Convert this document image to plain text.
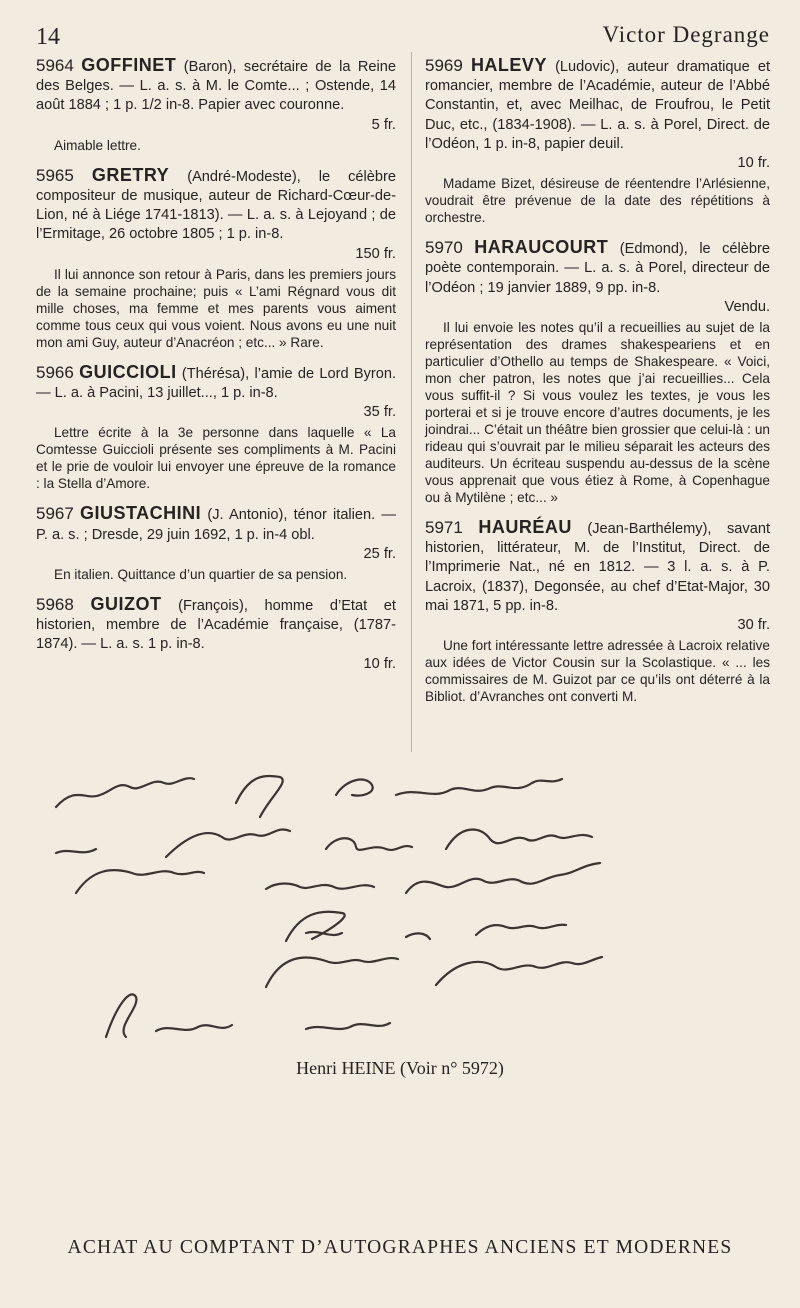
14	Victor Degrange
5964 GOFFINET (Baron), secrétaire de la Reine des Belges. — L. a. s. à M. le Comte... ; Ostende, 14 août 1884 ; 1 p. 1/2 in-8. Papier avec couronne.
5 fr.
Aimable lettre.
5965 GRETRY (André-Modeste), le célèbre compositeur de musique, auteur de Richard-Cœur-de-Lion, né à Liége 1741-1813). — L. a. s. à Lejoyand ; de l’Ermitage, 26 octobre 1805 ; 1 p. in-8.
150 fr.
Il lui annonce son retour à Paris, dans les premiers jours de la semaine prochaine; puis « L’ami Régnard vous dit mille choses, ma femme et mes parents vous aiment comme tous ceux qui vous voient. Nous avons eu une nuit mon ami Guy, auteur d’Anacréon ; etc... » Rare.
5966 GUICCIOLI (Thérésa), l’amie de Lord Byron. — L. a. à Pacini, 13 juillet..., 1 p. in-8.
35 fr.
Lettre écrite à la 3e personne dans laquelle « La Comtesse Guiccioli présente ses compliments à M. Pacini et le prie de vouloir lui envoyer une épreuve de la romance : la Stella d’Amore.
5967 GIUSTACHINI (J. Antonio), ténor italien. — P. a. s. ; Dresde, 29 juin 1692, 1 p. in-4 obl.
25 fr.
En italien. Quittance d’un quartier de sa pension.
5968 GUIZOT (François), homme d’Etat et historien, membre de l’Académie française, (1787-1874). — L. a. s. 1 p. in-8.
10 fr.
5969 HALEVY (Ludovic), auteur dramatique et romancier, membre de l’Académie, auteur de l’Abbé Constantin, et, avec Meilhac, de Froufrou, le Petit Duc, etc., (1834-1908). — L. a. s. à Porel, Direct. de l’Odéon, 1 p. in-8, papier deuil.
10 fr.
Madame Bizet, désireuse de réentendre l’Arlésienne, voudrait être prévenue de la date des répétitions à orchestre.
5970 HARAUCOURT (Edmond), le célèbre poète contemporain. — L. a. s. à Porel, directeur de l’Odéon ; 19 janvier 1889, 9 pp. in-8.
Vendu.
Il lui envoie les notes qu’il a recueillies au sujet de la représentation des drames shakespeariens et en particulier d’Othello au temps de Shakespeare. « Voici, mon cher patron, les notes que j’ai recueillies... Cela vous suffit-il ? Si vous voulez les textes, je vous les porterai et si je trouve encore d’autres documents, je les joindrai... C’était un théâtre bien grossier que celui-là : un rideau qui s’ouvrait par le milieu séparait les acteurs des auditeurs. Un écriteau suspendu au-dessus de la scène vous apprenait que vous étiez à Rome, à Copenhague ou à Mytilène ; etc... »
5971 HAURÉAU (Jean-Barthélemy), savant historien, littérateur, M. de l’Institut, Direct. de l’Imprimerie Nat., né en 1812. — 3 l. a. s. à P. Lacroix, (1837), Degonsée, au chef d’Etat-Major, 30 mai 1871, 5 pp. in-8.
30 fr.
Une fort intéressante lettre adressée à Lacroix relative aux idées de Victor Cousin sur la Scolastique. « ... les commissaires de M. Guizot par ce qu’ils ont déterré à la Bibliot. d’Avranches ont converti M.
Henri HEINE (Voir n° 5972)
ACHAT AU COMPTANT D’AUTOGRAPHES ANCIENS ET MODERNES
